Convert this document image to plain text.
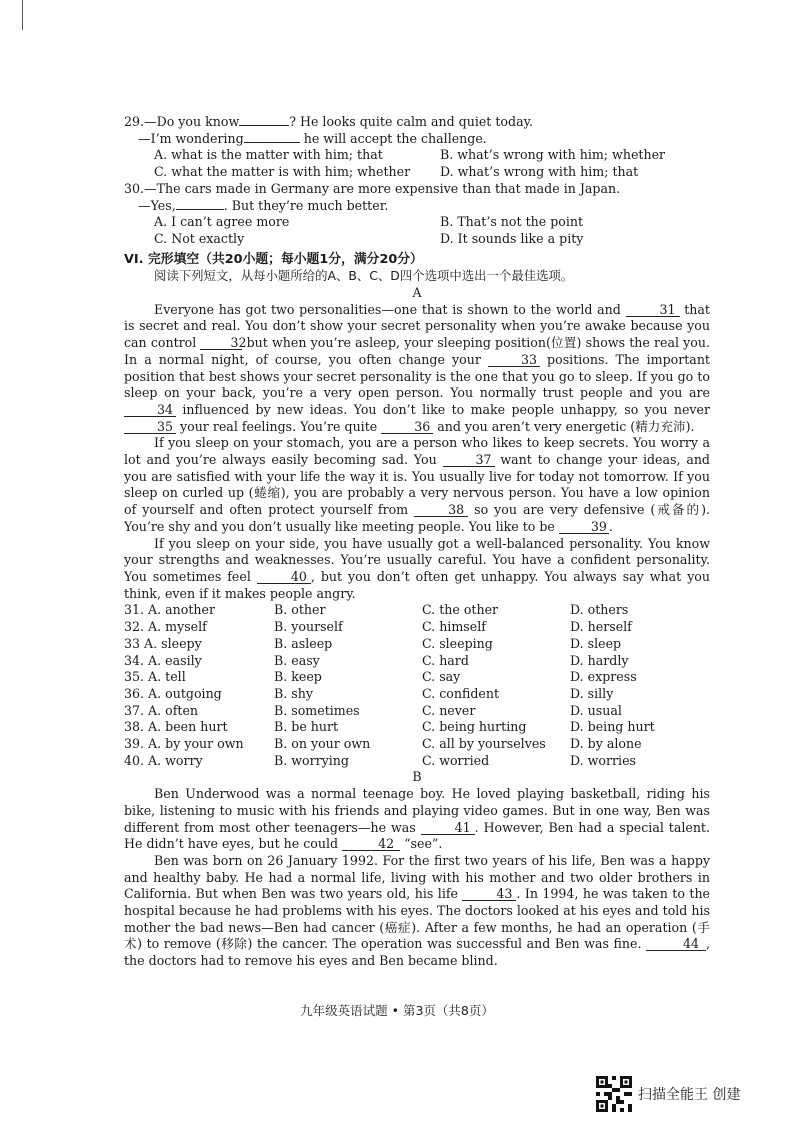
29.—Do you know	? He looks quite calm and quiet today.
—I’m wondering	he will accept the challenge.
A. what is the matter with him; that	B. what’s wrong with him; whether
C. what the matter is with him; whether	D. what’s wrong with him; that
30.—The cars made in Germany are more expensive than that made in Japan.
—Yes,	. But they’re much better.
A. I can’t agree more	B. That’s not the point
C. Not exactly	D. It sounds like a pity
VI. 完形填空（共20小题；每小题1分，满分20分）
阅读下列短文，从每小题所给的A、B、C、D四个选项中选出一个最佳选项。
A

Everyone has got two personalities—one that is shown to the world and	31 that is secret and real. You don’t show your secret personality when you’re awake because you can control 32 but when you’re asleep, your sleeping position(位置) shows the real you. In a normal night, of course, you often change your	33 positions. The important position that best shows your secret personality is the one that you go to sleep. If you go to sleep on your back, you’re a very open person. You normally trust people and you are 34 influenced by new ideas. You don’t like to make people unhappy, so you never 35 your real feelings. You’re quite	36 and you aren’t very energetic (精力充沛).

If you sleep on your stomach, you are a person who likes to keep secrets. You worry a lot and you’re always easily becoming sad. You	37 want to change your ideas, and you are satisfied with your life the way it is. You usually live for today not tomorrow. If you sleep on curled up (蜷缩), you are probably a very nervous person. You have a low opinion of yourself and often protect yourself from	38 so you are very defensive (戒备的). You’re shy and you don’t usually like meeting people. You like to be	39 .

If you sleep on your side, you have usually got a well-balanced personality. You know your strengths and weaknesses. You’re usually careful. You have a confident personality. You sometimes feel	40 , but you don’t often get unhappy. You always say what you think, even if it makes people angry.

31. A. another	B. other	C. the other	D. others
32. A. myself	B. yourself	C. himself	D. herself
33 A. sleepy	B. asleep	C. sleeping	D. sleep
34. A. easily	B. easy	C. hard	D. hardly
35. A. tell	B. keep	C. say	D. express
36. A. outgoing	B. shy	C. confident	D. silly
37. A. often	B. sometimes	C. never	D. usual
38. A. been hurt	B. be hurt	C. being hurting	D. being hurt
39. A. by your own	B. on your own	C. all by yourselves	D. by alone
40. A. worry	B. worrying	C. worried	D. worries
B

Ben Underwood was a normal teenage boy. He loved playing basketball, riding his bike, listening to music with his friends and playing video games. But in one way, Ben was different from most other teenagers—he was	41 . However, Ben had a special talent. He didn’t have eyes, but he could	42 “see”.

Ben was born on 26 January 1992. For the first two years of his life, Ben was a happy and healthy baby. He had a normal life, living with his mother and two older brothers in California. But when Ben was two years old, his life	43 . In 1994, he was taken to the hospital because he had problems with his eyes. The doctors looked at his eyes and told his mother the bad news—Ben had cancer (癌症). After a few months, he had an operation (手术) to remove (移除) the cancer. The operation was successful and Ben was fine.	44 , the doctors had to remove his eyes and Ben became blind.

九年级英语试题 • 第3页（共8页）
扫描全能王 创建
